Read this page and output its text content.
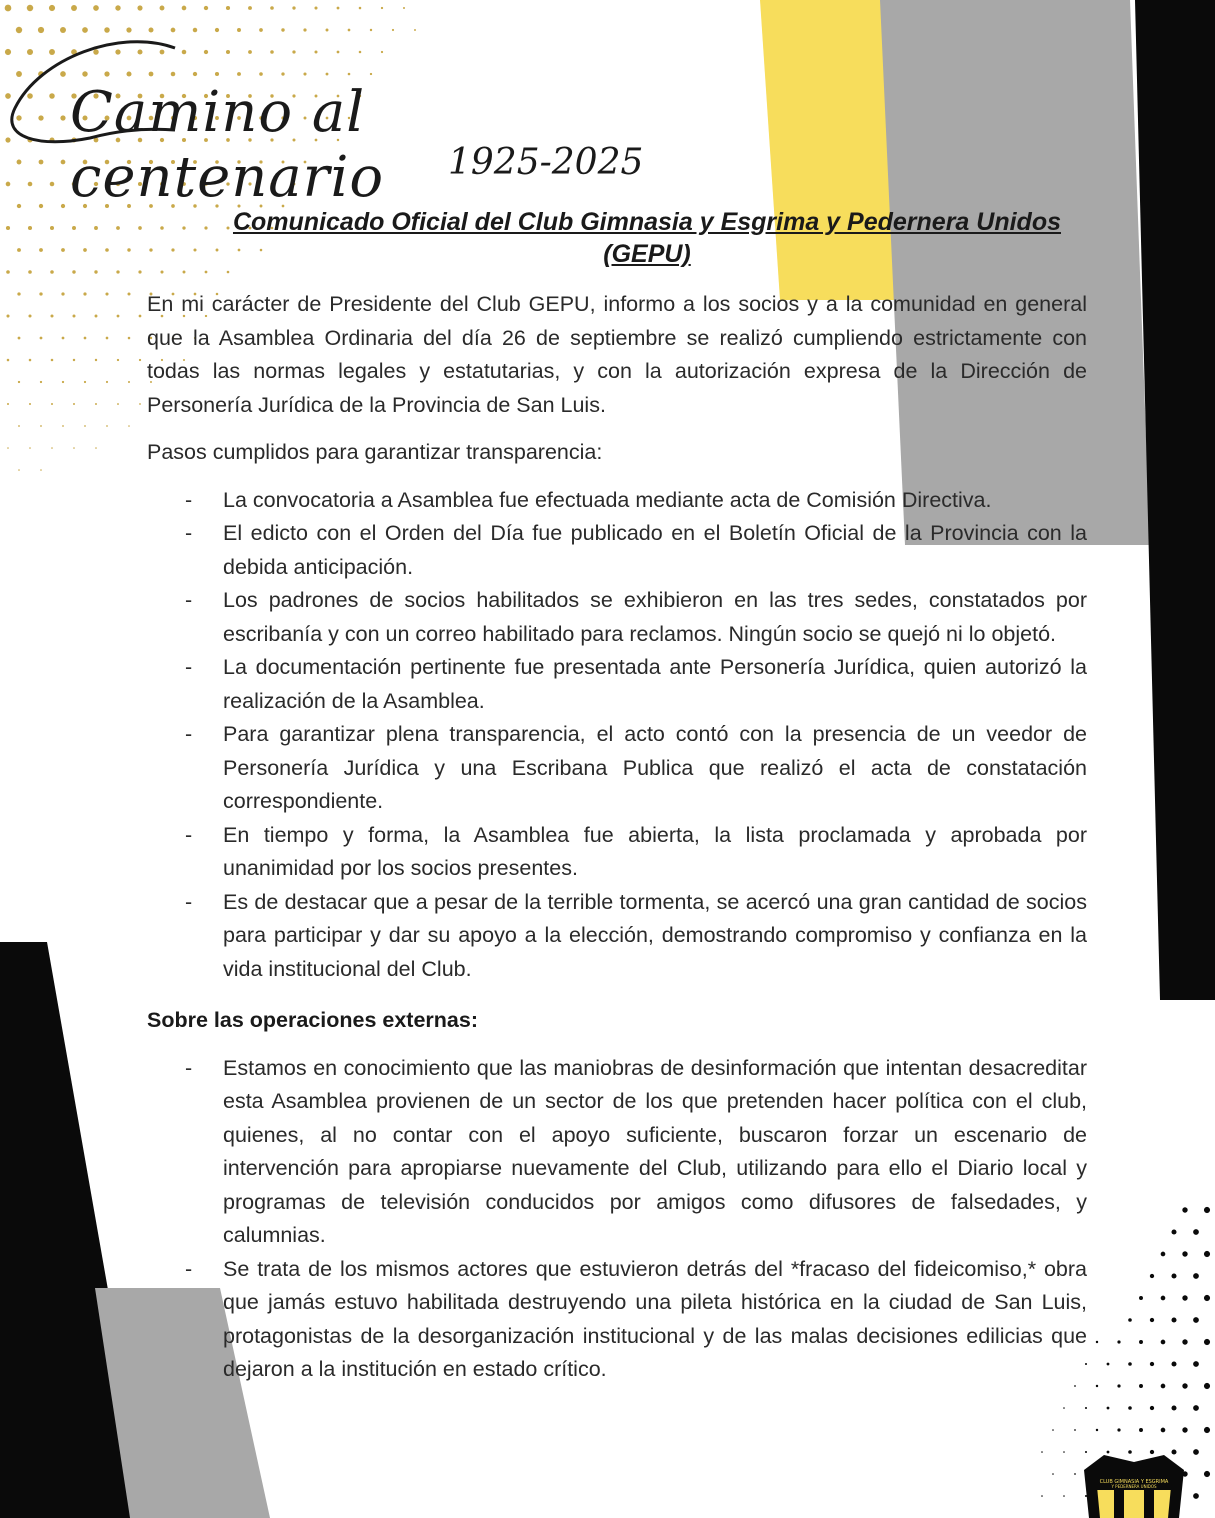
Camino al centenario	1925-2025
Comunicado Oficial del Club Gimnasia y Esgrima y Pedernera Unidos (GEPU)

En mi carácter de Presidente del Club GEPU, informo a los socios y a la comunidad en general que la Asamblea Ordinaria del día 26 de septiembre se realizó cumpliendo estrictamente con todas las normas legales y estatutarias, y con la autorización expresa de la Dirección de Personería Jurídica de la Provincia de San Luis.

Pasos cumplidos para garantizar transparencia:

- La convocatoria a Asamblea fue efectuada mediante acta de Comisión Directiva.
- El edicto con el Orden del Día fue publicado en el Boletín Oficial de la Provincia con la debida anticipación.
- Los padrones de socios habilitados se exhibieron en las tres sedes, constatados por escribanía y con un correo habilitado para reclamos. Ningún socio se quejó ni lo objetó.
- La documentación pertinente fue presentada ante Personería Jurídica, quien autorizó la realización de la Asamblea.
- Para garantizar plena transparencia, el acto contó con la presencia de un veedor de Personería Jurídica y una Escribana Publica que realizó el acta de constatación correspondiente.
- En tiempo y forma, la Asamblea fue abierta, la lista proclamada y aprobada por unanimidad por los socios presentes.
- Es de destacar que a pesar de la terrible tormenta, se acercó una gran cantidad de socios para participar y dar su apoyo a la elección, demostrando compromiso y confianza en la vida institucional del Club.

Sobre las operaciones externas:

- Estamos en conocimiento que las maniobras de desinformación que intentan desacreditar esta Asamblea provienen de un sector de los que pretenden hacer política con el club, quienes, al no contar con el apoyo suficiente, buscaron forzar un escenario de intervención para apropiarse nuevamente del Club, utilizando para ello el Diario local y programas de televisión conducidos por amigos como difusores de falsedades, y calumnias.
- Se trata de los mismos actores que estuvieron detrás del *fracaso del fideicomiso,* obra que jamás estuvo habilitada destruyendo una pileta histórica en la ciudad de San Luis, protagonistas de la desorganización institucional y de las malas decisiones edilicias que dejaron a la institución en estado crítico.
CLUB GIMNASIA Y ESGRIMA
Y PEDERNERA UNIDOS
